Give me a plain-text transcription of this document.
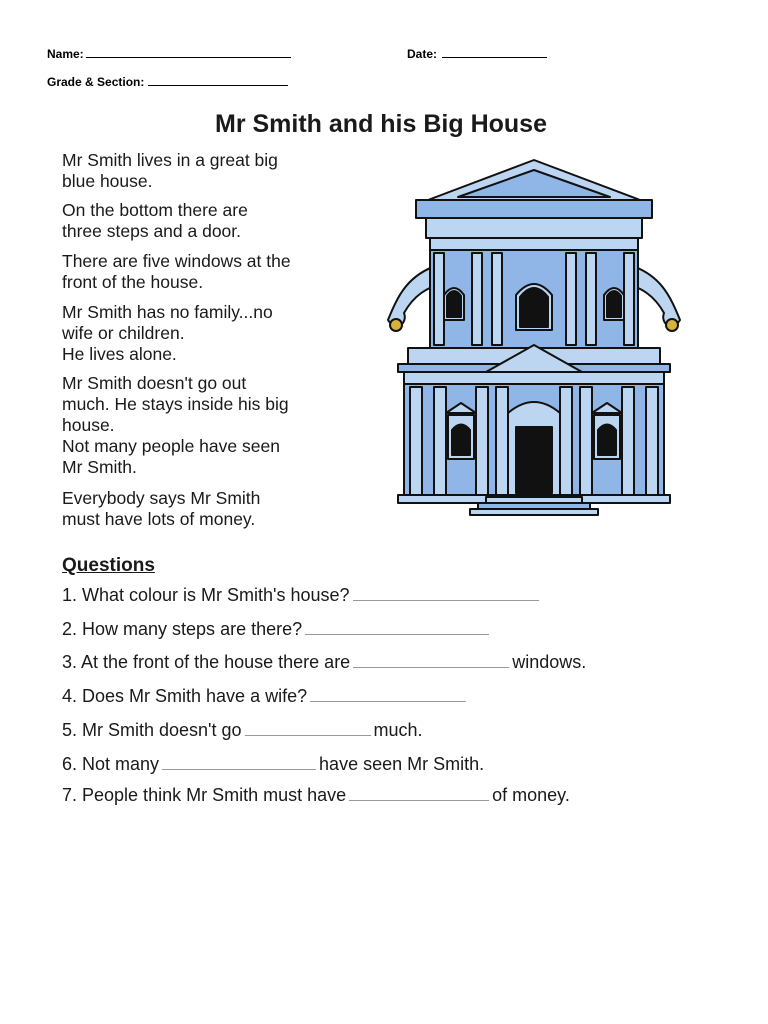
Name:	Date:
Grade & Section:
Mr Smith and his Big House
Mr Smith lives in a great big
blue house.
On the bottom there are
three steps and a door.
There are five windows at the
front of the house.
Mr Smith has no family...no
wife or children.
He lives alone.
Mr Smith doesn't go out
much. He stays inside his big
house.
Not many people have seen
Mr Smith.
Everybody says Mr Smith
must have lots of money.
Questions
1. What colour is Mr Smith's house?
2. How many steps are there?
3. At the front of the house there are	windows.
4. Does Mr Smith have a wife?
5. Mr Smith doesn't go	much.
6. Not many	have seen Mr Smith.
7. People think Mr Smith must have	of money.
